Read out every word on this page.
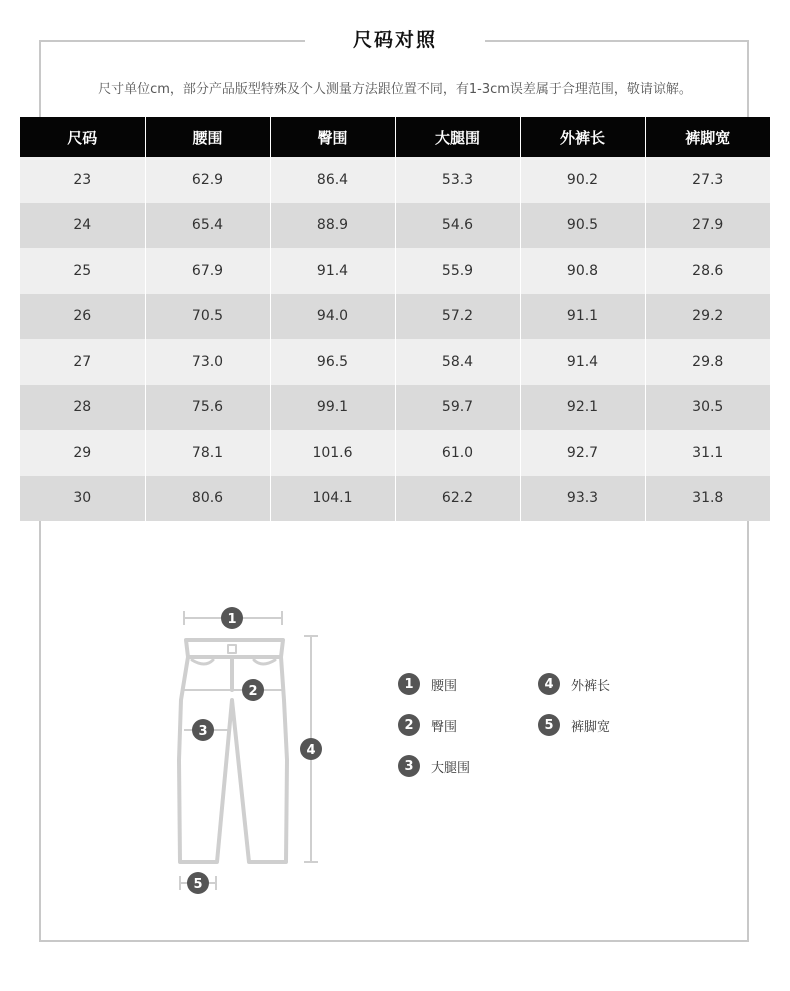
尺码对照
尺寸单位cm，部分产品版型特殊及个人测量方法跟位置不同，有1-3cm误差属于合理范围，敬请谅解。
尺码	腰围	臀围	大腿围	外裤长	裤脚宽
23	62.9	86.4	53.3	90.2	27.3
24	65.4	88.9	54.6	90.5	27.9
25	67.9	91.4	55.9	90.8	28.6
26	70.5	94.0	57.2	91.1	29.2
27	73.0	96.5	58.4	91.4	29.8
28	75.6	99.1	59.7	92.1	30.5
29	78.1	101.6	61.0	92.7	31.1
30	80.6	104.1	62.2	93.3	31.8
1
2
3
4
5
1	腰围
2	臀围
3	大腿围
4	外裤长
5	裤脚宽
